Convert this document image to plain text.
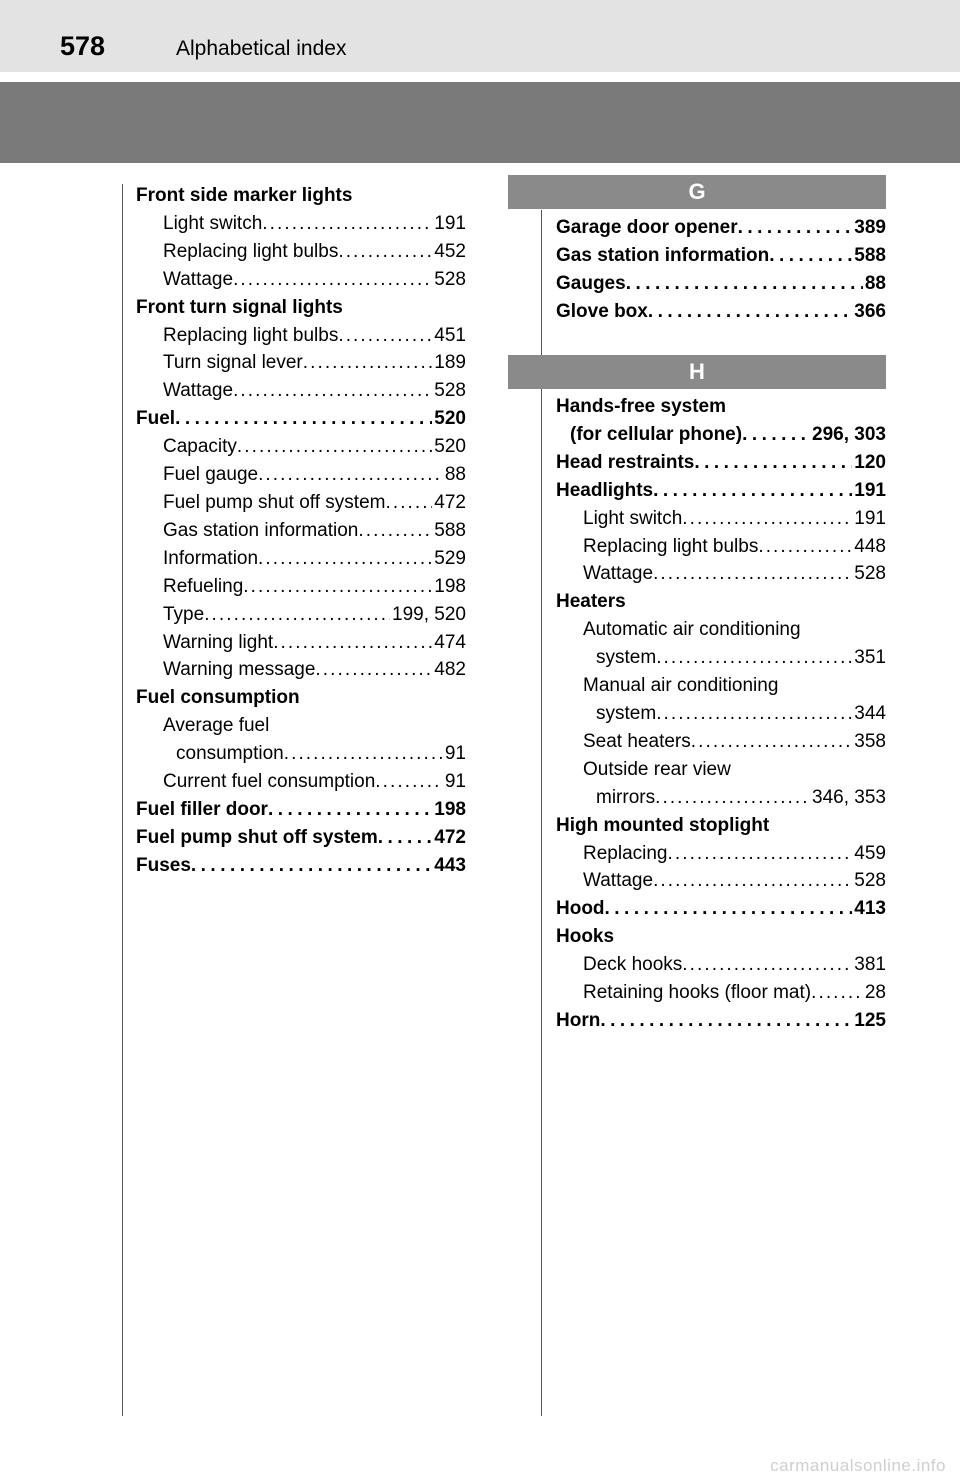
578	Alphabetical index
Front side marker lights
Light switch . . .	191
Replacing light bulbs . . .	452
Wattage . . .	528
Front turn signal lights
Replacing light bulbs . . .	451
Turn signal lever . . .	189
Wattage . . .	528
Fuel . . .	520
Capacity . . .	520
Fuel gauge . . .	88
Fuel pump shut off system . . .	472
Gas station information . . .	588
Information . . .	529
Refueling . . .	198
Type . . .	199, 520
Warning light . . .	474
Warning message . . .	482
Fuel consumption
Average fuel
consumption . . .	91
Current fuel consumption . . .	91
Fuel filler door . . .	198
Fuel pump shut off system . . .	472
Fuses . . .	443
G
Garage door opener . . .	389
Gas station information . . .	588
Gauges . . .	88
Glove box . . .	366
H
Hands-free system
(for cellular phone) . . .	296, 303
Head restraints . . .	120
Headlights . . .	191
Light switch . . .	191
Replacing light bulbs . . .	448
Wattage . . .	528
Heaters
Automatic air conditioning
system . . .	351
Manual air conditioning
system . . .	344
Seat heaters . . .	358
Outside rear view
mirrors . . .	346, 353
High mounted stoplight
Replacing . . .	459
Wattage . . .	528
Hood . . .	413
Hooks
Deck hooks . . .	381
Retaining hooks (floor mat) . . .	28
Horn . . .	125
carmanualsonline.info
